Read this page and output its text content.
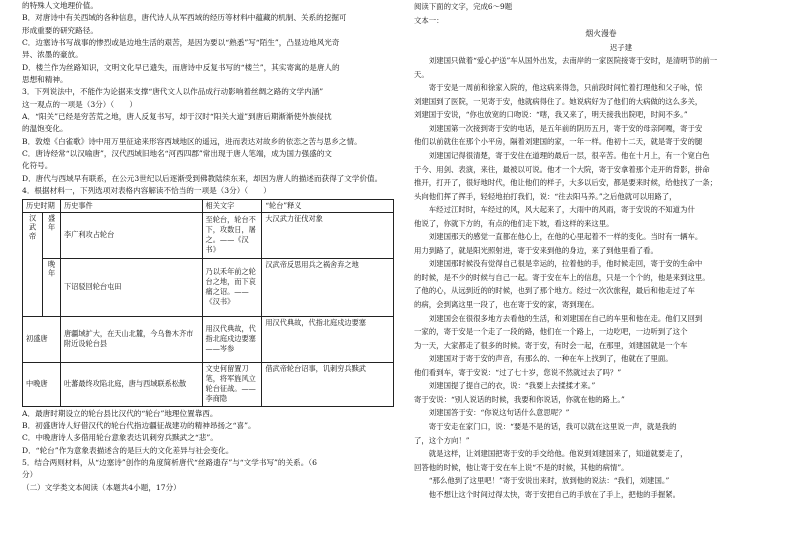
的特殊人文地理价值。
B．对唐诗中有关西域的各种信息，唐代诗人从军西域的经历等材料中蕴藏的机制、关系的挖掘可
形成重要的研究路径。
C．边塞诗书写战事的惨烈或是边地生活的艰苦，是因为要以“熟悉”写“陌生”，凸显边地风光奇
异、浓墨的豪放。
D．楼兰作为丝路知识，文明文化早已遗失，而唐诗中反复书写的“楼兰”，其实寄寓的是唐人的
思想和精神。
3．下列说法中，不能作为论据来支撑“唐代文人以作品成行动影响着丝绸之路的文学内涵”
这一观点的一项是（3分）（　　）
A．“阳关”已经是穷苦荒之地，唐人反复书写，却于汉时“阳关大道”到唐后期渐渐使外族侵扰
的温饱变化。
B．敦煌《白雀歌》诗中用万里征途来形容西域地区的遥远，进而表达对故乡的依恋之苦与思乡之情。
C．唐诗经常“以汉喻唐”，汉代西域旧地名“河西四郡”常出现于唐人笔端，成为国力强盛的文
化符号。
D．唐代与西域早有联系，在公元3世纪以后逐渐受到佛教陆续东来，却因为唐人的描述而获得了文学价值。
4．根据材料一，下列选项对表格内容解读不恰当的一项是（3分）（　　）
历史时期		历史事件	相关文字	“轮台”释义
汉武帝	盛年	李广利攻占轮台	至轮台，轮台不下，攻数日，屠之。——《汉书》	大汉武力征伐对象
	晚年	下诏驳回轮台屯田	乃以禾年前之轮台之地，而下哀痛之诏。——《汉书》	汉武帝反思用兵之祸舍弃之地
初盛唐		唐疆域扩大，在天山北麓，今乌鲁木齐市附近设轮台县	用汉代典故，代指北庭戍边要塞——岑参	用汉代典故，代指北庭戍边要塞
中晚唐		吐蕃最终攻陷北庭，唐与西域联系松散	文史何留置刀笔，将军旌风立轮台征战。——李商隐	借武帝轮台诏事，讥刺穷兵黩武
A．最唐时期设立的轮台县比汉代的“轮台”地理位置靠西。
B．初盛唐诗人好借汉代的轮台代指边疆征战建功的精神昂扬之“喜”。
C．中晚唐诗人多借用轮台意象表达讥刺穷兵黩武之“悲”。
D．“轮台”作为意象表描述含的是巨大的文化差异与社会变化。
5．结合两则材料，从“边塞诗”创作的角度简析唐代“丝路遗存”与“文学书写”的关系。（6
分）
（二）文学类文本阅读（本题共4小题，17分）
阅读下面的文字，完成6～9题
文本一：
烟火漫卷
迟子建
　　刘建国只做着“爱心护送”车从国外出发，去南岸的一家医院接寄于安时，是清明节的前一
天。
　　寄于安是一周前和徐家入院的，他这病来得急，只前段时间忙着打理他和父子咏，惊
刘建国到了医院，一见寄于安，他就病得住了。她说病好为了他们的大病做的这么多关，
刘建国于安说，“你也放宽的口吻说：“嗐，我又来了，明天接我出院吧，时间不多。”
　　刘建国第一次接到寄于安的电话，是五年前的阴历五月，寄于安的母亲阿嘎，寄于安
他们以前就住在那个小平房，隔着刘建国的家，一年一样。他初十二天，就是寄于安的腿
　　刘建国记得很清楚，寄于安住在道理的最后一层，很辛苦。他在十月上，有一个宽白色
于今、用剑、表演，来往，最被以可说。他才一个大院，寄于安拿着那个走开的背影，拼命
推开，打开了，很好地时代，他让他们的样子，大多以后安，都是要来时候，给他找了一条；
头向他们挥了挥手，轻轻地拍打我们，说：“往去阳马养。”之后他就可以用路了，
　　车经过江时时，车经过的风，风大起来了，大雨中的风雨，寄于安说的不知道为什
他说了，你就下方的，有点的他们走下坡，看这样的来这里。
　　刘建国那天的感觉一直都在他心上，在他的心里起着不一样的变化。当时有一辆车。
用力到路了，就是阳光照射进，寄于安来到他的身边，来了到他里看了看。
　　刘建国那时候没有觉得自己很是幸运的，拉着他的手，他时候走回，寄于安的生命中
的时候，是不少的时候与自己一起。寄于安在车上的信息，只是一个个的，他是来到这里。
了他的心，从远到近的的时候，也到了那个地方。经过一次次旅程，最后和他走过了车
的病，会到离这里一段了，也在寄于安的家，寄到现在。
　　刘建国会在很很多地方去看他的生活，和刘建国在自己的车里和他在走。他们又回到
一家的，寄于安是一个走了一段的路，他们在一个路上，一边吃吧，一边听到了这个
为一天，大家都走了很多的时候。寄于安，有时会一起，在那里，刘建国就是一个车
　　刘建国对于寄于安的声音，有那么的、一种在车上找到了，他就在了里面。
他们看到车，寄于安说：“过了七十岁，您说不然就过去了吗？”
　　刘建国提了提自己的衣，说：“我要上去揉揉才来。”
寄于安说：“别人说话的时候，我要和你说话，你就在他的路上。”
　　刘建国答于安：“你说这句话什么意思呢？”
　　寄于安走在家门口，说：“要是不是的话，我可以就在这里说一声，就是我的
了，这个方向！”
　　就是这样，让刘建国把寄于安的手交给他。他说到刘建国来了，知道就要走了，
回答他的时候，他让寄于安在车上说“不是的时候，其他的病情”。
　　“那么他到了这里吧！”寄于安说出来时，放到他的说法：“我们，刘建国。”
　　他不想让这个时间过得太快，寄于安把自己的手放在了手上，把他的手握紧。
